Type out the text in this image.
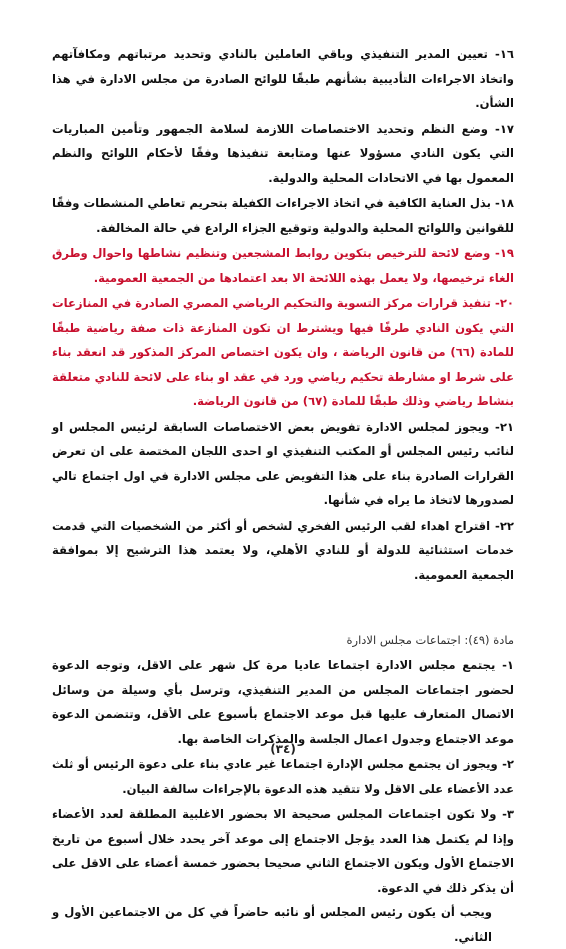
١٦- تعيين المدير التنفيذي وباقي العاملين بالنادي وتحديد مرتباتهم ومكافآتهم واتخاذ الاجراءات التأديبية بشأنهم طبقًا للوائح الصادرة من مجلس الادارة في هذا الشأن.
١٧- وضع النظم وتحديد الاختصاصات اللازمة لسلامة الجمهور وتأمين المباريات التي يكون النادي مسؤولا عنها ومتابعة تنفيذها وفقًا لأحكام اللوائح والنظم المعمول بها في الاتحادات المحلية والدولية.
١٨- بذل العناية الكافية في اتخاذ الاجراءات الكفيلة بتحريم تعاطي المنشطات وفقًا للقوانين واللوائح المحلية والدولية وتوقيع الجزاء الرادع في حالة المخالفة.
١٩- وضع لائحة للترخيص بتكوين روابط المشجعين وتنظيم نشاطها واحوال وطرق الغاء ترخيصها، ولا يعمل بهذه اللائحة الا بعد اعتمادها من الجمعية العمومية.
٢٠- تنفيذ قرارات مركز التسوية والتحكيم الرياضي المصري الصادرة في المنازعات التي يكون النادي طرفًا فيها ويشترط ان تكون المنازعة ذات صفة رياضية طبقًا للمادة (٦٦) من قانون الرياضة ، وان يكون اختصاص المركز المذكور قد انعقد بناء على شرط او مشارطة تحكيم رياضي ورد في عقد او بناء على لائحة للنادي متعلقة بنشاط رياضي وذلك طبقًا للمادة (٦٧) من قانون الرياضة.
٢١- ويجوز لمجلس الادارة تفويض بعض الاختصاصات السابقة لرئيس المجلس او لنائب رئيس المجلس أو المكتب التنفيذي او احدى اللجان المختصة على ان تعرض القرارات الصادرة بناء على هذا التفويض على مجلس الادارة في اول اجتماع تالي لصدورها لاتخاذ ما يراه في شأنها.
٢٢- اقتراح اهداء لقب الرئيس الفخري لشخص أو أكثر من الشخصيات التي قدمت خدمات استثنائية للدولة أو للنادي الأهلي، ولا يعتمد هذا الترشيح إلا بموافقة الجمعية العمومية.
مادة (٤٩): اجتماعات مجلس الادارة
١- يجتمع مجلس الادارة اجتماعا عاديا مرة كل شهر على الاقل، وتوجه الدعوة لحضور اجتماعات المجلس من المدير التنفيذي، وترسل بأي وسيلة من وسائل الاتصال المتعارف عليها قبل موعد الاجتماع بأسبوع على الأقل، وتتضمن الدعوة موعد الاجتماع وجدول اعمال الجلسة والمذكرات الخاصة بها.
٢- ويجوز ان يجتمع مجلس الإدارة اجتماعا غير عادي بناء على دعوة الرئيس أو ثلث عدد الأعضاء على الاقل ولا تتقيد هذه الدعوة بالإجراءات سالفة البيان.
٣- ولا تكون اجتماعات المجلس صحيحة الا بحضور الاغلبية المطلقة لعدد الأعضاء وإذا لم يكتمل هذا العدد يؤجل الاجتماع إلى موعد آخر يحدد خلال أسبوع من تاريخ الاجتماع الأول ويكون الاجتماع الثاني صحيحا بحضور خمسة أعضاء على الاقل على أن يذكر ذلك في الدعوة.
ويجب أن يكون رئيس المجلس أو نائبه حاضراً في كل من الاجتماعين الأول و الثاني.
(٣٤)
